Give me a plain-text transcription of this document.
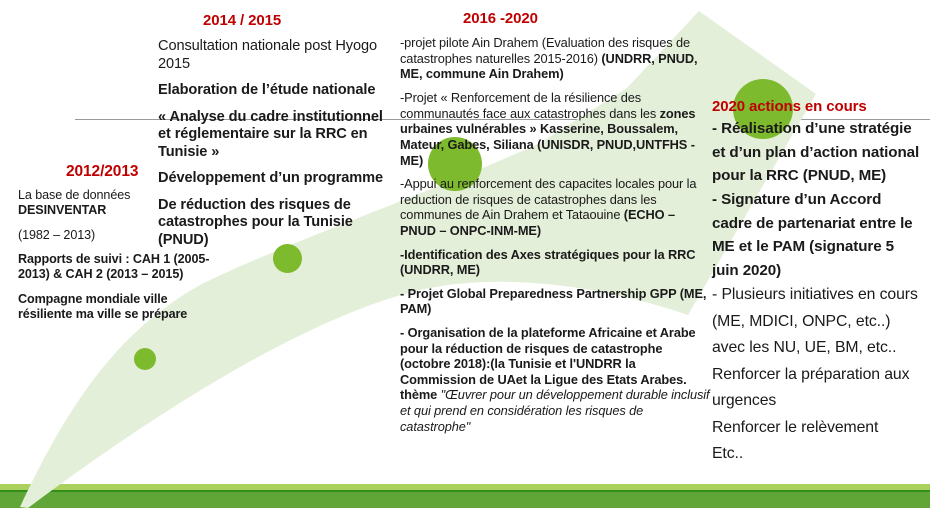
2012/2013
La base de données
DESINVENTAR
(1982 – 2013)
Rapports de suivi : CAH 1 (2005-2013) & CAH 2 (2013 – 2015)
Compagne mondiale ville résiliente ma ville se prépare
2014 / 2015
Consultation nationale post Hyogo 2015
Elaboration de l’étude nationale
« Analyse du cadre institutionnel et réglementaire sur la RRC en Tunisie »
Développement d’un programme
De réduction des risques de catastrophes pour la Tunisie (PNUD)
2016 -2020
-projet pilote Ain Drahem (Evaluation des risques de catastrophes naturelles 2015-2016) (UNDRR, PNUD, ME, commune Ain Drahem)
-Projet « Renforcement de la résilience des communautés face aux catastrophes dans les zones urbaines vulnérables » Kasserine, Boussalem, Mateur, Gabes, Siliana (UNISDR, PNUD,UNTFHS - ME)
-Appui au renforcement des capacites locales pour la reduction de risques de catastrophes dans les communes de Ain Drahem et Tataouine (ECHO – PNUD – ONPC-INM-ME)
-Identification des Axes stratégiques pour la RRC (UNDRR, ME)
- Projet Global Preparedness Partnership GPP (ME, PAM)
- Organisation de la plateforme Africaine et Arabe pour la réduction de risques de catastrophe (octobre 2018):(la Tunisie et l'UNDRR la Commission de UAet la Ligue des Etats Arabes. thème "Œuvrer pour un développement durable inclusif et qui prend en considération les risques de catastrophe"
2020 actions en cours
- Réalisation d’une stratégie et d’un plan d’action national pour la RRC (PNUD, ME)
- Signature d’un Accord cadre de partenariat entre le ME et le PAM (signature 5 juin 2020)
- Plusieurs initiatives en cours (ME, MDICI, ONPC, etc..) avec les NU, UE, BM, etc..
Renforcer la préparation aux urgences
Renforcer le relèvement
Etc..
